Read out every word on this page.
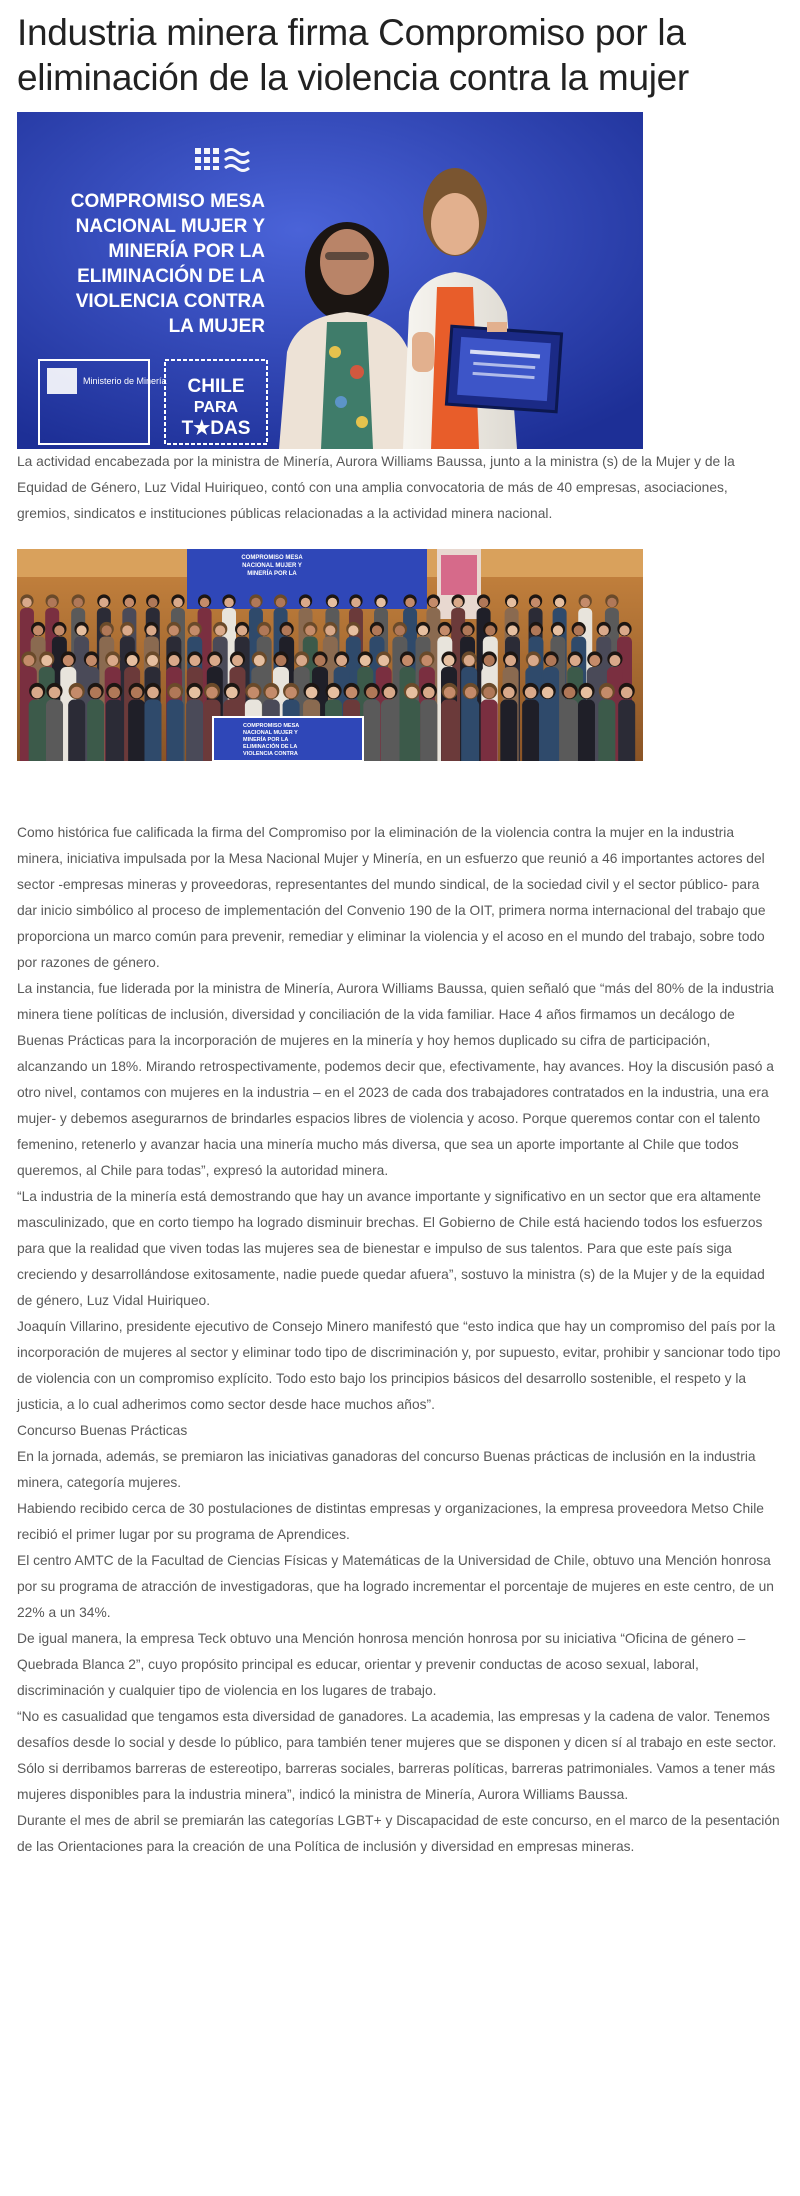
Industria minera firma Compromiso por la eliminación de la violencia contra la mujer
COMPROMISO MESA
NACIONAL MUJER Y
MINERÍA POR LA
ELIMINACIÓN DE LA
VIOLENCIA CONTRA
LA MUJER
Ministerio de Minería CHILE
PARA
T★DAS

La actividad encabezada por la ministra de Minería, Aurora Williams Baussa, junto a la ministra (s) de la Mujer y de la Equidad de Género, Luz Vidal Huiriqueo, contó con una amplia convocatoria de más de 40 empresas, asociaciones, gremios, sindicatos e instituciones públicas relacionadas a la actividad minera nacional.

COMPROMISO MESA
NACIONAL MUJER Y
MINERÍA POR LA
COMPROMISO MESA
NACIONAL MUJER Y
MINERÍA POR LA
ELIMINACIÓN DE LA
VIOLENCIA CONTRA

Como histórica fue calificada la firma del Compromiso por la eliminación de la violencia contra la mujer en la industria minera, iniciativa impulsada por la Mesa Nacional Mujer y Minería, en un esfuerzo que reunió a 46 importantes actores del sector -empresas mineras y proveedoras, representantes del mundo sindical, de la sociedad civil y el sector público- para dar inicio simbólico al proceso de implementación del Convenio 190 de la OIT, primera norma internacional del trabajo que proporciona un marco común para prevenir, remediar y eliminar la violencia y el acoso en el mundo del trabajo, sobre todo por razones de género.

La instancia, fue liderada por la ministra de Minería, Aurora Williams Baussa, quien señaló que “más del 80% de la industria minera tiene políticas de inclusión, diversidad y conciliación de la vida familiar. Hace 4 años firmamos un decálogo de Buenas Prácticas para la incorporación de mujeres en la minería y hoy hemos duplicado su cifra de participación, alcanzando un 18%. Mirando retrospectivamente, podemos decir que, efectivamente, hay avances. Hoy la discusión pasó a otro nivel, contamos con mujeres en la industria – en el 2023 de cada dos trabajadores contratados en la industria, una era mujer- y debemos asegurarnos de brindarles espacios libres de violencia y acoso. Porque queremos contar con el talento femenino, retenerlo y avanzar hacia una minería mucho más diversa, que sea un aporte importante al Chile que todos queremos, al Chile para todas”, expresó la autoridad minera.

“La industria de la minería está demostrando que hay un avance importante y significativo en un sector que era altamente masculinizado, que en corto tiempo ha logrado disminuir brechas. El Gobierno de Chile está haciendo todos los esfuerzos para que la realidad que viven todas las mujeres sea de bienestar e impulso de sus talentos. Para que este país siga creciendo y desarrollándose exitosamente, nadie puede quedar afuera”, sostuvo la ministra (s) de la Mujer y de la equidad de género, Luz Vidal Huiriqueo.

Joaquín Villarino, presidente ejecutivo de Consejo Minero manifestó que “esto indica que hay un compromiso del país por la incorporación de mujeres al sector y eliminar todo tipo de discriminación y, por supuesto, evitar, prohibir y sancionar todo tipo de violencia con un compromiso explícito. Todo esto bajo los principios básicos del desarrollo sostenible, el respeto y la justicia, a lo cual adherimos como sector desde hace muchos años”.

Concurso Buenas Prácticas

En la jornada, además, se premiaron las iniciativas ganadoras del concurso Buenas prácticas de inclusión en la industria minera, categoría mujeres.

Habiendo recibido cerca de 30 postulaciones de distintas empresas y organizaciones, la empresa proveedora Metso Chile recibió el primer lugar por su programa de Aprendices.

El centro AMTC de la Facultad de Ciencias Físicas y Matemáticas de la Universidad de Chile, obtuvo una Mención honrosa por su programa de atracción de investigadoras, que ha logrado incrementar el porcentaje de mujeres en este centro, de un 22% a un 34%.

De igual manera, la empresa Teck obtuvo una Mención honrosa mención honrosa por su iniciativa “Oficina de género – Quebrada Blanca 2”, cuyo propósito principal es educar, orientar y prevenir conductas de acoso sexual, laboral, discriminación y cualquier tipo de violencia en los lugares de trabajo.

“No es casualidad que tengamos esta diversidad de ganadores. La academia, las empresas y la cadena de valor. Tenemos desafíos desde lo social y desde lo público, para también tener mujeres que se disponen y dicen sí al trabajo en este sector. Sólo si derribamos barreras de estereotipo, barreras sociales, barreras políticas, barreras patrimoniales. Vamos a tener más mujeres disponibles para la industria minera”, indicó la ministra de Minería, Aurora Williams Baussa.

Durante el mes de abril se premiarán las categorías LGBT+ y Discapacidad de este concurso, en el marco de la pesentación de las Orientaciones para la creación de una Política de inclusión y diversidad en empresas mineras.
